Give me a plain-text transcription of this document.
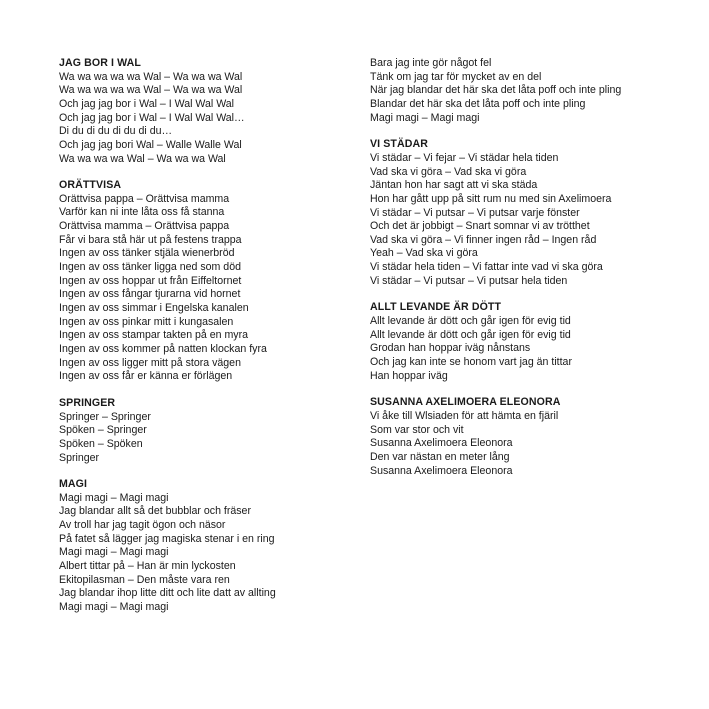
JAG BOR I WAL
Wa wa wa wa wa Wal – Wa wa wa Wal
Wa wa wa wa wa Wal – Wa wa wa Wal
Och jag jag bor i Wal – I Wal Wal Wal
Och jag jag bor i Wal – I Wal Wal Wal…
Di du di du di du di du…
Och jag jag bori Wal – Walle Walle Wal
Wa wa wa wa Wal – Wa wa wa Wal
ORÄTTVISA
Orättvisa pappa – Orättvisa mamma
Varför kan ni inte låta oss få stanna
Orättvisa mamma – Orättvisa pappa
Får vi bara stå här ut på festens trappa
Ingen av oss tänker stjäla wienerbröd
Ingen av oss tänker ligga ned som död
Ingen av oss hoppar ut från Eiffeltornet
Ingen av oss fångar tjurarna vid hornet
Ingen av oss simmar i Engelska kanalen
Ingen av oss pinkar mitt i kungasalen
Ingen av oss stampar takten på en myra
Ingen av oss kommer på natten klockan fyra
Ingen av oss ligger mitt på stora vägen
Ingen av oss får er känna er förlägen
SPRINGER
Springer – Springer
Spöken – Springer
Spöken – Spöken
Springer
MAGI
Magi magi – Magi magi
Jag blandar allt så det bubblar och fräser
Av troll har jag tagit ögon och näsor
På fatet så lägger jag magiska stenar i en ring
Magi magi – Magi magi
Albert tittar på – Han är min lyckosten
Ekitopilasman – Den måste vara ren
Jag blandar ihop litte ditt och lite datt av allting
Magi magi – Magi magi
Bara jag inte gör något fel
Tänk om jag tar för mycket av en del
När jag blandar det här ska det låta poff och inte pling
Blandar det här ska det låta poff och inte pling
Magi magi – Magi magi
VI STÄDAR
Vi städar – Vi fejar – Vi städar hela tiden
Vad ska vi göra – Vad ska vi göra
Jäntan hon har sagt att vi ska städa
Hon har gått upp på sitt rum nu med sin Axelimoera
Vi städar – Vi putsar – Vi putsar varje fönster
Och det är jobbigt – Snart somnar vi av trötthet
Vad ska vi göra – Vi finner ingen råd – Ingen råd
Yeah – Vad ska vi göra
Vi städar hela tiden – Vi fattar inte vad vi ska göra
Vi städar – Vi putsar – Vi putsar hela tiden
ALLT LEVANDE ÄR DÖTT
Allt levande är dött och går igen för evig tid
Allt levande är dött och går igen för evig tid
Grodan han hoppar iväg nånstans
Och jag kan inte se honom vart jag än tittar
Han hoppar iväg
SUSANNA AXELIMOERA ELEONORA
Vi åke till Wlsiaden för att hämta en fjäril
Som var stor och vit
Susanna Axelimoera Eleonora
Den var nästan en meter lång
Susanna Axelimoera Eleonora
